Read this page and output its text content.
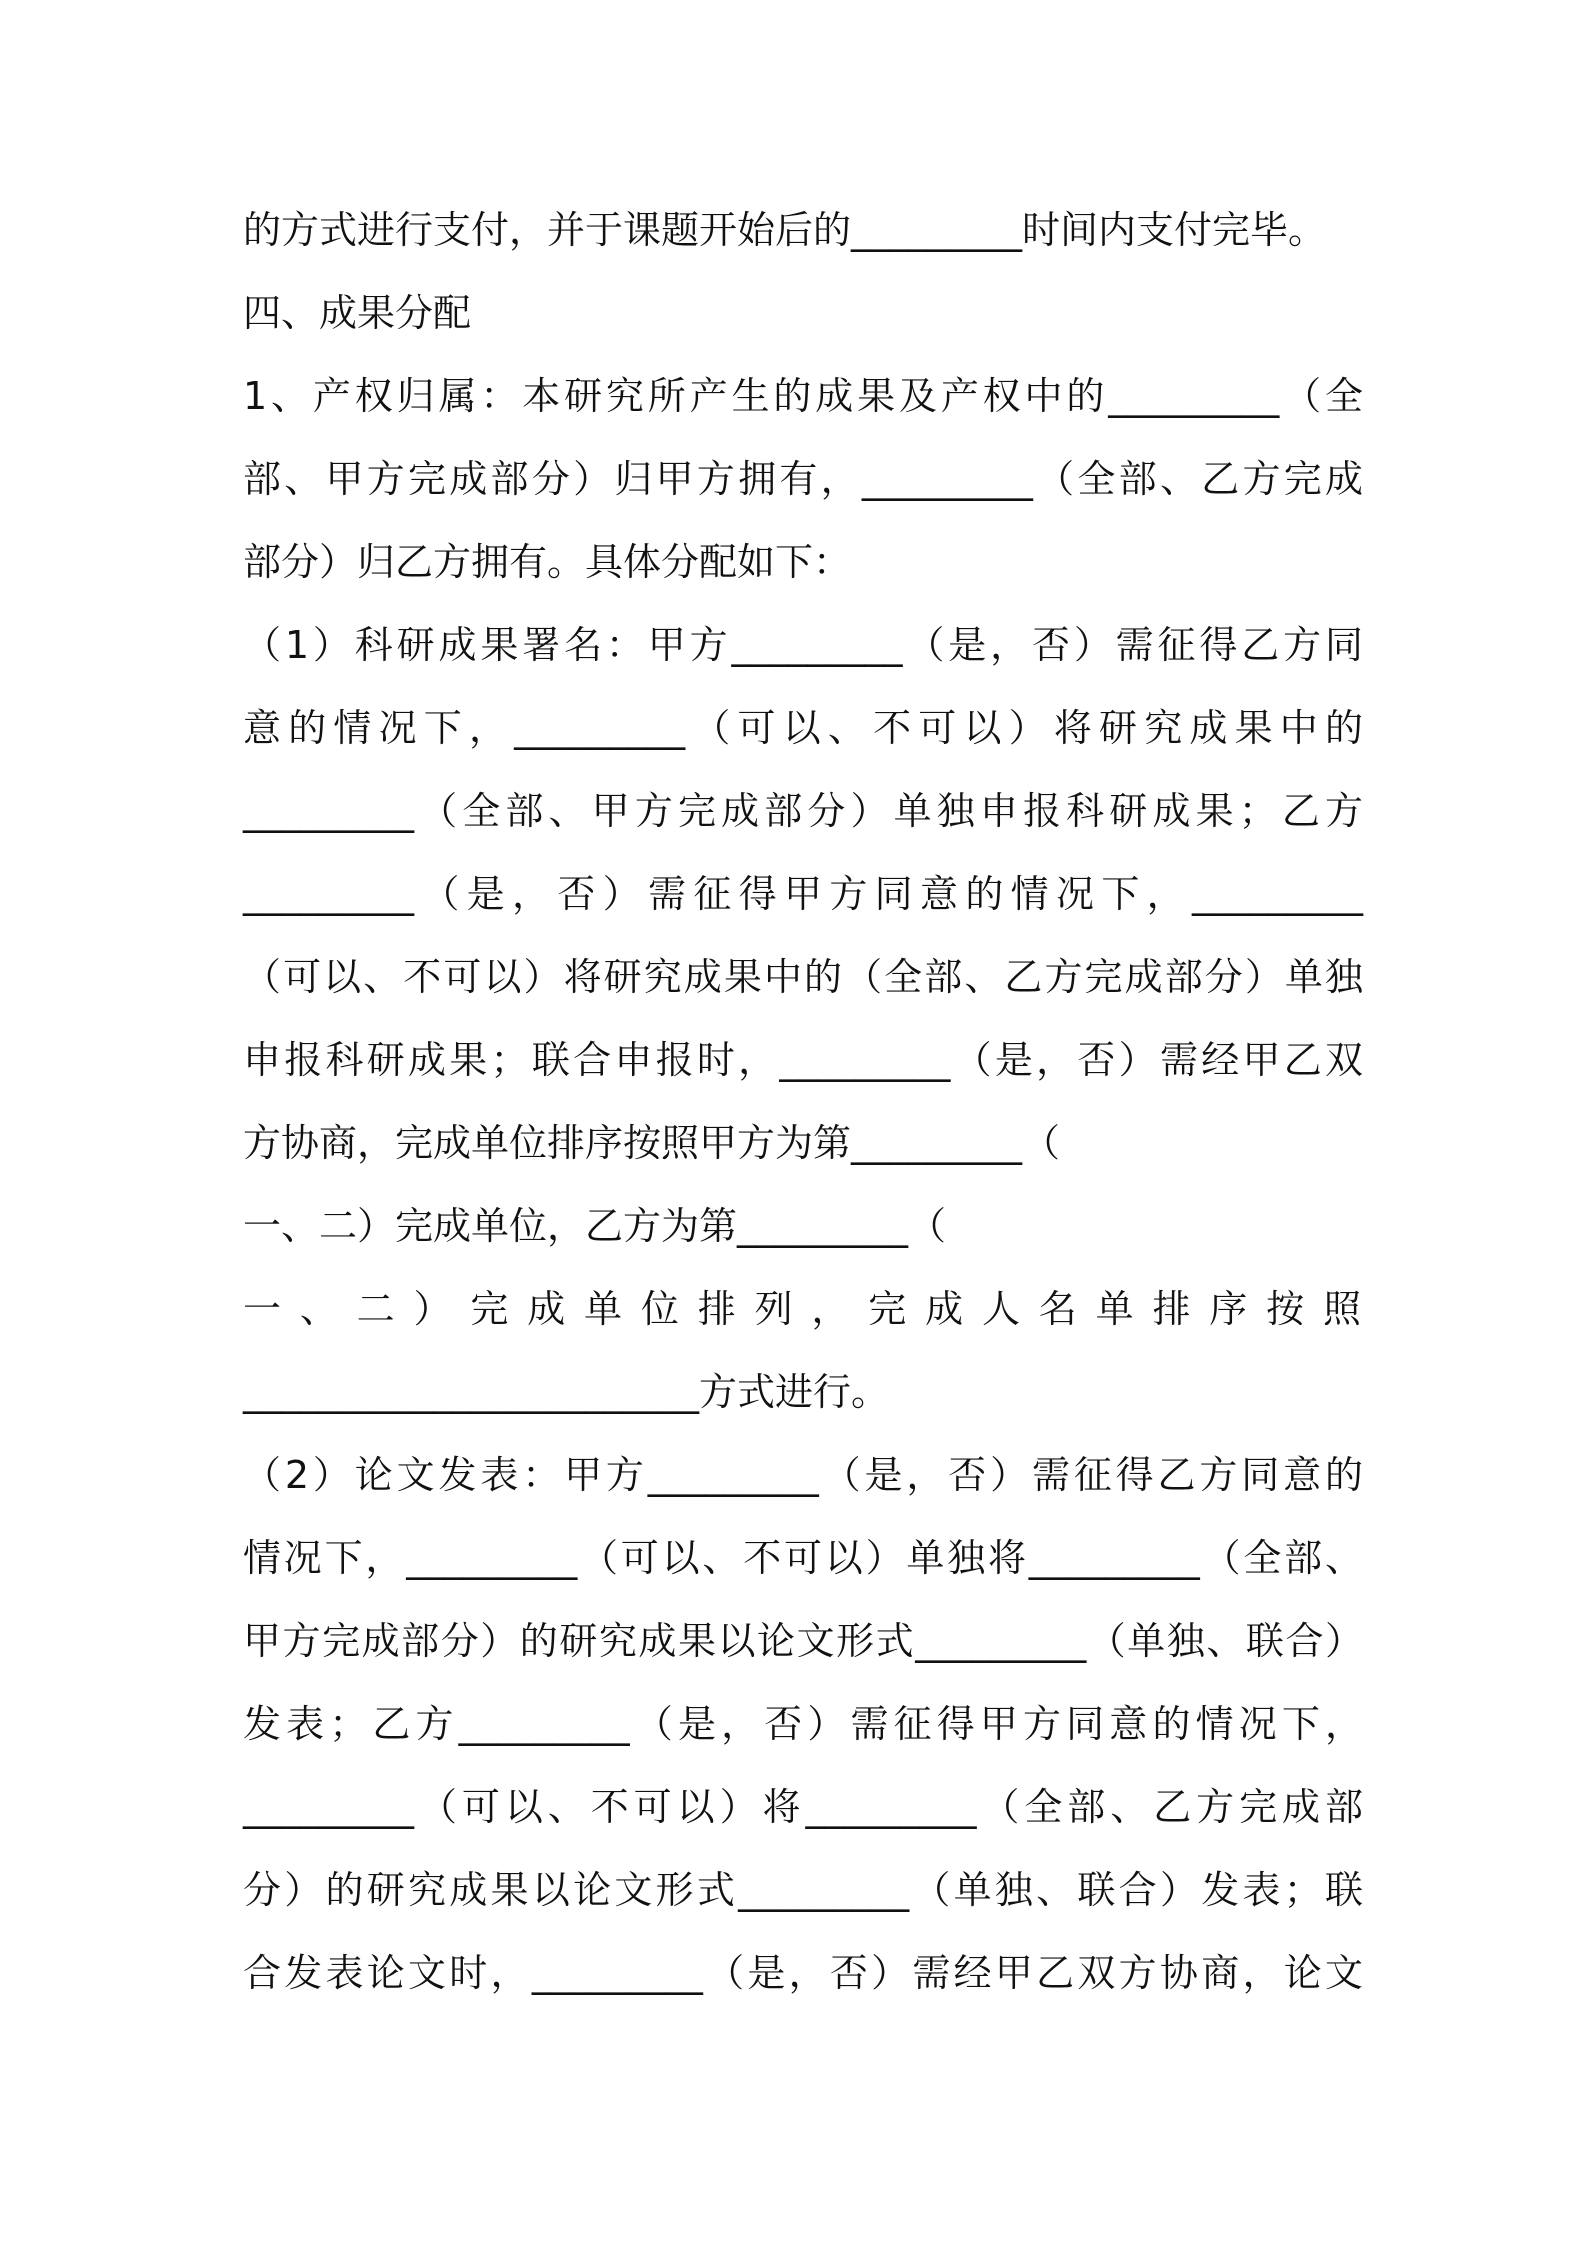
的方式进行支付，并于课题开始后的_________时间内支付完毕。

四、成果分配

1、产权归属：本研究所产生的成果及产权中的_________（全

部、甲方完成部分）归甲方拥有，_________（全部、乙方完成

部分）归乙方拥有。具体分配如下：

（1）科研成果署名：甲方_________（是，否）需征得乙方同

意的情况下，_________（可以、不可以）将研究成果中的

_________（全部、甲方完成部分）单独申报科研成果；乙方

_________（是，否）需征得甲方同意的情况下，_________

（可以、不可以）将研究成果中的（全部、乙方完成部分）单独

申报科研成果；联合申报时，_________（是，否）需经甲乙双

方协商，完成单位排序按照甲方为第_________（

一、二）完成单位，乙方为第_________（

一 、 二 ） 完 成 单 位 排 列 ， 完 成 人 名 单 排 序 按 照

________________________方式进行。

（2）论文发表：甲方_________（是，否）需征得乙方同意的

情况下，_________（可以、不可以）单独将_________（全部、

甲方完成部分）的研究成果以论文形式_________（单独、联合）

发表；乙方_________（是，否）需征得甲方同意的情况下，

_________（可以、不可以）将_________（全部、乙方完成部

分）的研究成果以论文形式_________（单独、联合）发表；联

合发表论文时，_________（是，否）需经甲乙双方协商，论文
